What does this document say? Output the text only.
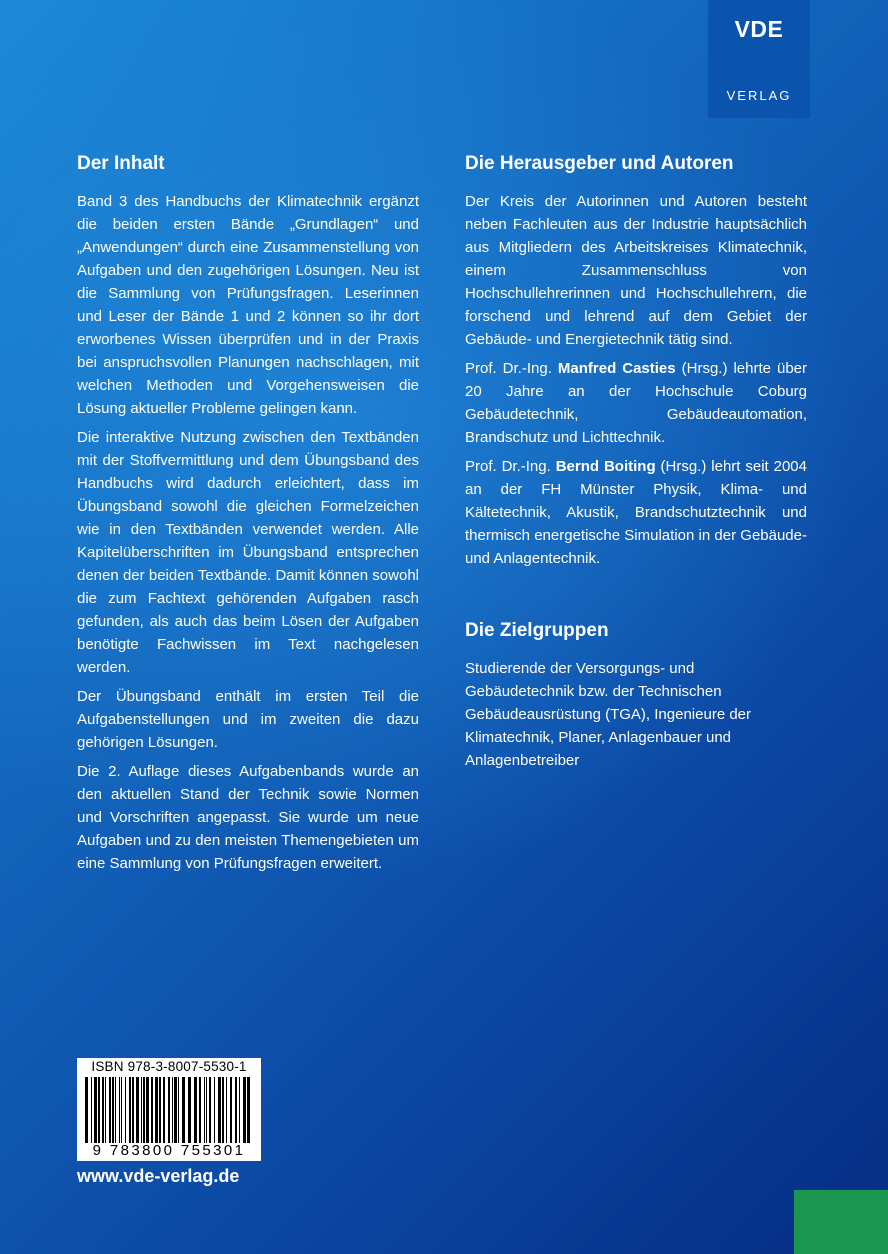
VDE
VERLAG
Der Inhalt

Band 3 des Handbuchs der Klimatechnik ergänzt die beiden ersten Bände „Grundlagen“ und „Anwendungen“ durch eine Zusammenstellung von Aufgaben und den zugehörigen Lösungen. Neu ist die Sammlung von Prüfungsfragen. Leserinnen und Leser der Bände 1 und 2 können so ihr dort erworbenes Wissen überprüfen und in der Praxis bei anspruchsvollen Planungen nachschlagen, mit welchen Methoden und Vorgehensweisen die Lösung aktueller Probleme gelingen kann.

Die interaktive Nutzung zwischen den Textbänden mit der Stoffvermittlung und dem Übungsband des Handbuchs wird dadurch erleichtert, dass im Übungsband sowohl die gleichen Formelzeichen wie in den Textbänden verwendet werden. Alle Kapitelüberschriften im Übungsband entsprechen denen der beiden Textbände. Damit können sowohl die zum Fachtext gehörenden Aufgaben rasch gefunden, als auch das beim Lösen der Aufgaben benötigte Fachwissen im Text nachgelesen werden.

Der Übungsband enthält im ersten Teil die Aufgabenstellungen und im zweiten die dazu gehörigen Lösungen.

Die 2. Auflage dieses Aufgabenbands wurde an den aktuellen Stand der Technik sowie Normen und Vorschriften angepasst. Sie wurde um neue Aufgaben und zu den meisten Themengebieten um eine Sammlung von Prüfungsfragen erweitert.

Die Herausgeber und Autoren

Der Kreis der Autorinnen und Autoren besteht neben Fachleuten aus der Industrie hauptsächlich aus Mitgliedern des Arbeitskreises Klimatechnik, einem Zusammenschluss von Hochschullehrerinnen und Hochschullehrern, die forschend und lehrend auf dem Gebiet der Gebäude- und Energietechnik tätig sind.

Prof. Dr.-Ing. Manfred Casties (Hrsg.) lehrte über 20 Jahre an der Hochschule Coburg Gebäudetechnik, Gebäudeautomation, Brandschutz und Lichttechnik.

Prof. Dr.-Ing. Bernd Boiting (Hrsg.) lehrt seit 2004 an der FH Münster Physik, Klima- und Kältetechnik, Akustik, Brandschutztechnik und thermisch energetische Simulation in der Gebäude- und Anlagentechnik.

Die Zielgruppen

Studierende der Versorgungs- und Gebäudetechnik bzw. der Technischen Gebäudeausrüstung (TGA), Ingenieure der Klimatechnik, Planer, Anlagenbauer und Anlagenbetreiber

ISBN 978-3-8007-5530-1
9 783800 755301
www.vde-verlag.de
